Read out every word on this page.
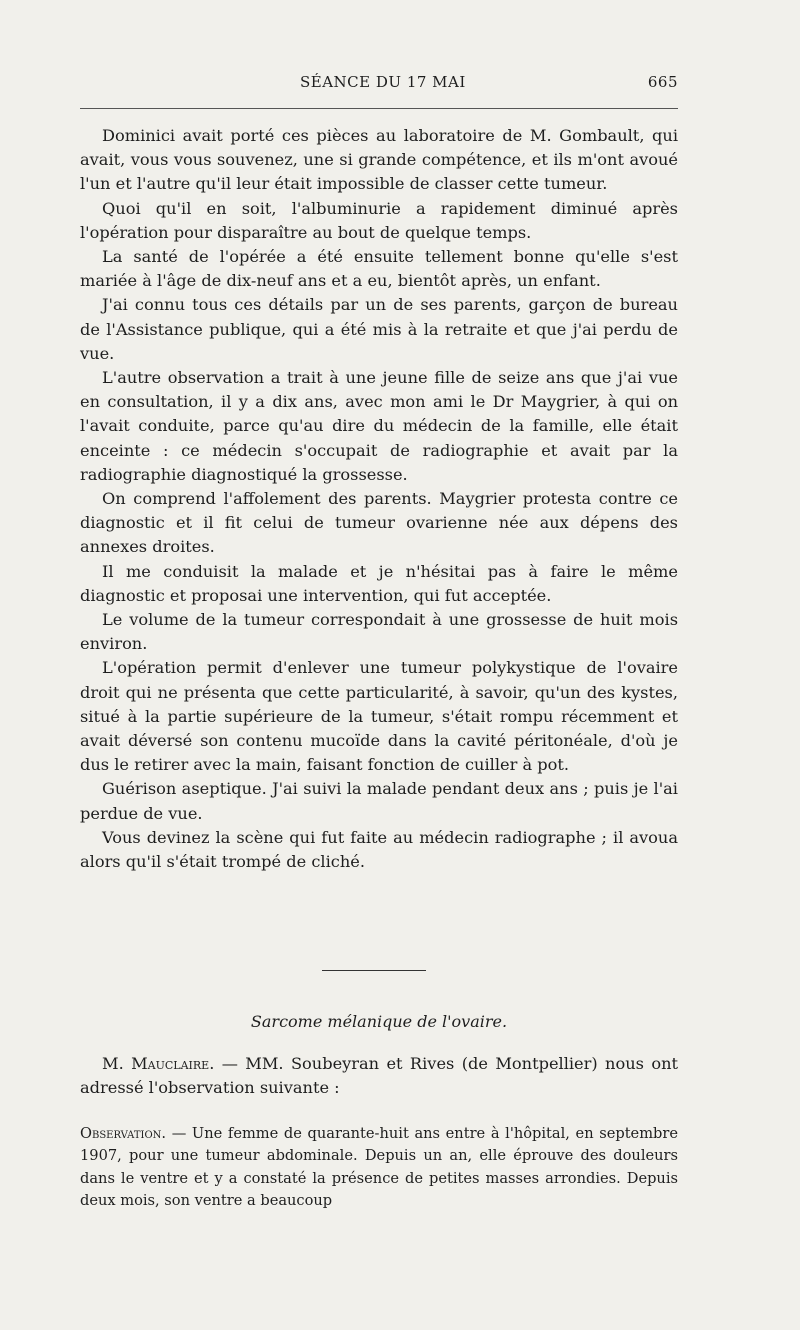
SÉANCE DU 17 MAI	665

Dominici avait porté ces pièces au laboratoire de M. Gombault, qui avait, vous vous souvenez, une si grande compétence, et ils m'ont avoué l'un et l'autre qu'il leur était impossible de classer cette tumeur.

Quoi qu'il en soit, l'albuminurie a rapidement diminué après l'opération pour disparaître au bout de quelque temps.

La santé de l'opérée a été ensuite tellement bonne qu'elle s'est mariée à l'âge de dix-neuf ans et a eu, bientôt après, un enfant.

J'ai connu tous ces détails par un de ses parents, garçon de bureau de l'Assistance publique, qui a été mis à la retraite et que j'ai perdu de vue.

L'autre observation a trait à une jeune fille de seize ans que j'ai vue en consultation, il y a dix ans, avec mon ami le Dr Maygrier, à qui on l'avait conduite, parce qu'au dire du médecin de la famille, elle était enceinte : ce médecin s'occupait de radiographie et avait par la radiographie diagnostiqué la grossesse.

On comprend l'affolement des parents. Maygrier protesta contre ce diagnostic et il fit celui de tumeur ovarienne née aux dépens des annexes droites.

Il me conduisit la malade et je n'hésitai pas à faire le même diagnostic et proposai une intervention, qui fut acceptée.

Le volume de la tumeur correspondait à une grossesse de huit mois environ.

L'opération permit d'enlever une tumeur polykystique de l'ovaire droit qui ne présenta que cette particularité, à savoir, qu'un des kystes, situé à la partie supérieure de la tumeur, s'était rompu récemment et avait déversé son contenu mucoïde dans la cavité péritonéale, d'où je dus le retirer avec la main, faisant fonction de cuiller à pot.

Guérison aseptique. J'ai suivi la malade pendant deux ans ; puis je l'ai perdue de vue.

Vous devinez la scène qui fut faite au médecin radiographe ; il avoua alors qu'il s'était trompé de cliché.

Sarcome mélanique de l'ovaire.

M. Mauclaire. — MM. Soubeyran et Rives (de Montpellier) nous ont adressé l'observation suivante :

Observation. — Une femme de quarante-huit ans entre à l'hôpital, en septembre 1907, pour une tumeur abdominale. Depuis un an, elle éprouve des douleurs dans le ventre et y a constaté la présence de petites masses arrondies. Depuis deux mois, son ventre a beaucoup
